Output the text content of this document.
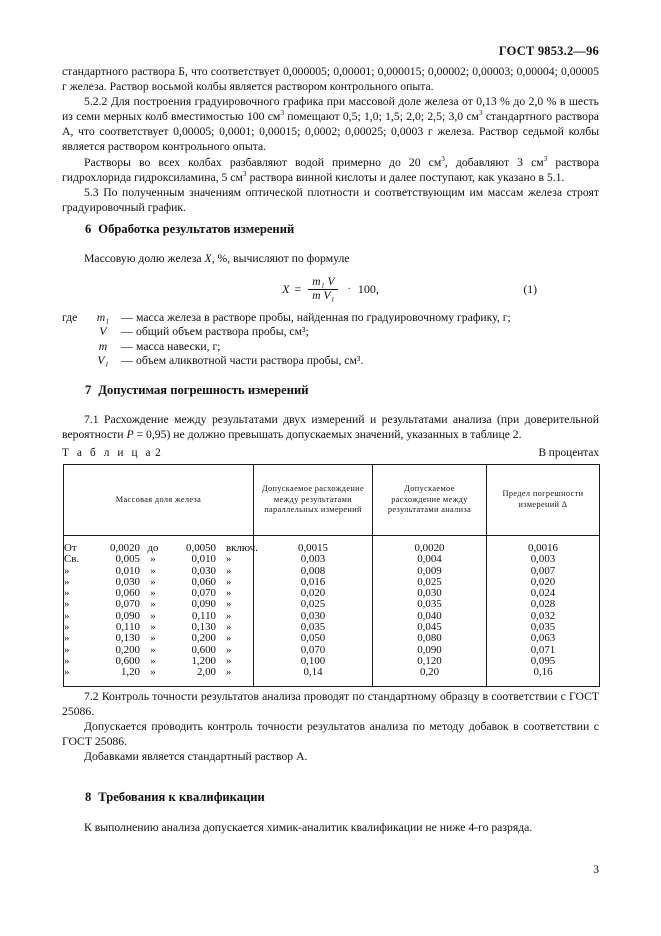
ГОСТ 9853.2—96

стандартного раствора Б, что соответствует 0,000005; 0,00001; 0,000015; 0,00002; 0,00003; 0,00004; 0,00005 г железа. Раствор восьмой колбы является раствором контрольного опыта.

5.2.2 Для построения градуировочного графика при массовой доле железа от 0,13 % до 2,0 % в шесть из семи мерных колб вместимостью 100 $см^3$ помещают 0,5; 1,0; 1,5; 2,0; 2,5; 3,0 $см^3$ стандартного раствора А, что соответствует 0,00005; 0,0001; 0,00015; 0,0002; 0,00025; 0,0003 г железа. Раствор седьмой колбы является раствором контрольного опыта.

Растворы во всех колбах разбавляют водой примерно до 20 $см^3$, добавляют 3 $см^3$ раствора гидрохлорида гидроксиламина, 5 $см^3$ раствора винной кислоты и далее поступают, как указано в 5.1.

5.3 По полученным значениям оптической плотности и соответствующим им массам железа строят градуировочный график.

6 Обработка результатов измерений

Массовую долю железа X, %, вычисляют по формуле

$X = \frac{\text{m₁ V}}{\text{m V₁}} \cdot 100$,	(1)
где	m₁	— масса железа в растворе пробы, найденная по градуировочному графику, г;
V	— общий объем раствора пробы, см³;
m	— масса навески, г;
V₁	— объем аликвотной части раствора пробы, см³.
7 Допустимая погрешность измерений

7.1 Расхождение между результатами двух измерений и результатами анализа (при доверительной вероятности P = 0,95) не должно превышать допускаемых значений, указанных в таблице 2.

Т а б л и ц а 2	В процентах
Массовая доля железа	Допускаемое расхождение между результатами параллельных измерений	Допускаемое расхождение между результатами анализа	Предел погрешности измерений Δ

От 0,0020 до 0,0050 включ.	0,0015	0,0020	0,0016

Св. 0,005 » 0,010 »	0,003	0,004	0,003

» 0,010 » 0,030 »	0,008	0,009	0,007

» 0,030 » 0,060 »	0,016	0,025	0,020

» 0,060 » 0,070 »	0,020	0,030	0,024

» 0,070 » 0,090 »	0,025	0,035	0,028

» 0,090 » 0,110 »	0,030	0,040	0,032

» 0,110 » 0,130 »	0,035	0,045	0,035

» 0,130 » 0,200 »	0,050	0,080	0,063

» 0,200 » 0,600 »	0,070	0,090	0,071

» 0,600 » 1,200 »	0,100	0,120	0,095

» 1,20 » 2,00 »	0,14	0,20	0,16

7.2 Контроль точности результатов анализа проводят по стандартному образцу в соответствии с ГОСТ 25086.

Допускается проводить контроль точности результатов анализа по методу добавок в соответствии с ГОСТ 25086.

Добавками является стандартный раствор А.

8 Требования к квалификации

К выполнению анализа допускается химик-аналитик квалификации не ниже 4-го разряда.

3
